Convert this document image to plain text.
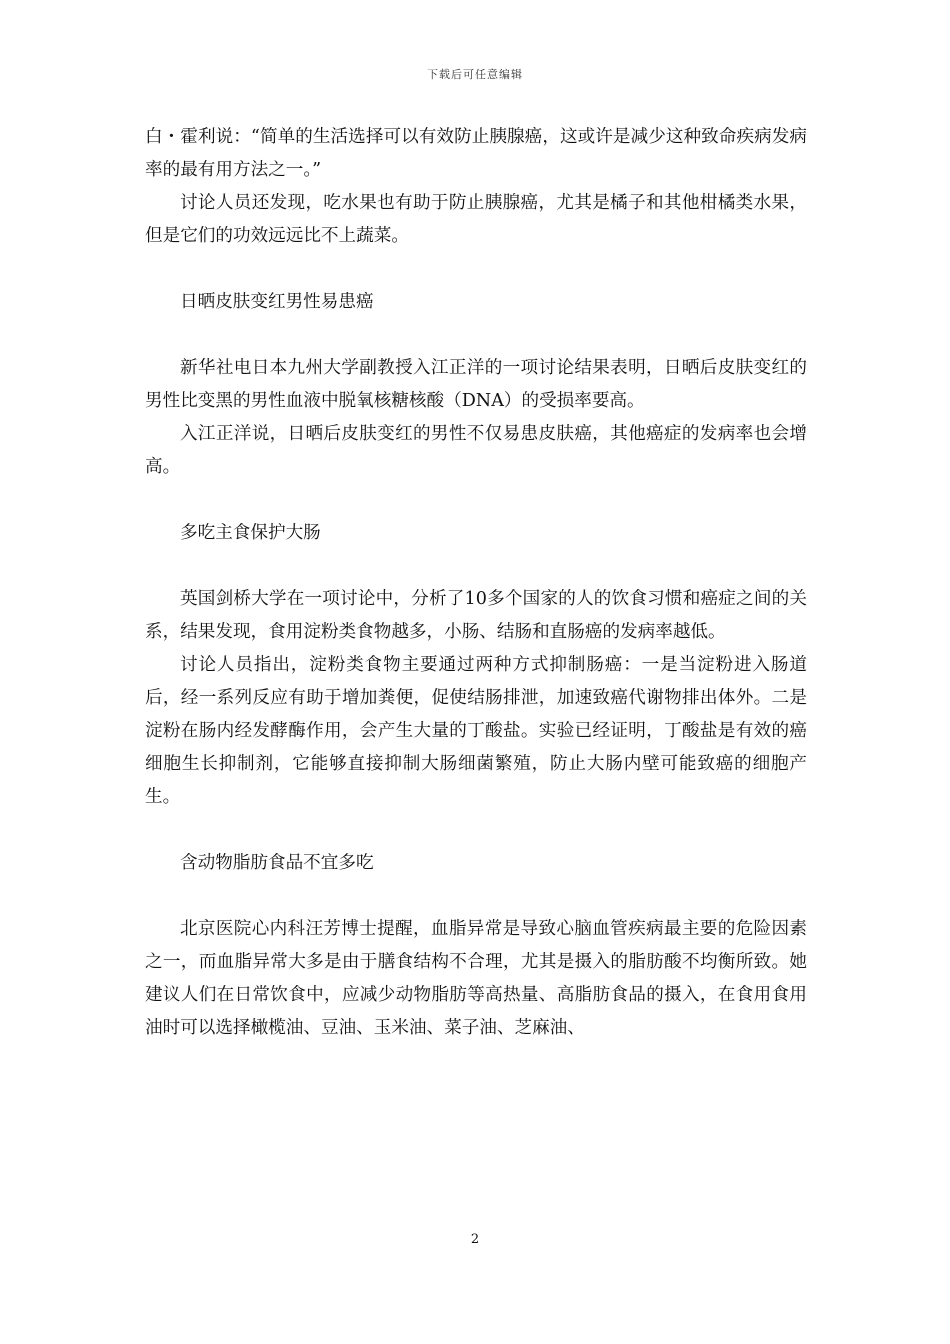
下载后可任意编辑

白・霍利说：“简单的生活选择可以有效防止胰腺癌，这或许是减少这种致命疾病发病率的最有用方法之一。”

讨论人员还发现，吃水果也有助于防止胰腺癌，尤其是橘子和其他柑橘类水果，但是它们的功效远远比不上蔬菜。

日晒皮肤变红男性易患癌

新华社电日本九州大学副教授入江正洋的一项讨论结果表明，日晒后皮肤变红的男性比变黑的男性血液中脱氧核糖核酸（DNA）的受损率要高。

入江正洋说，日晒后皮肤变红的男性不仅易患皮肤癌，其他癌症的发病率也会增高。

多吃主食保护大肠

英国剑桥大学在一项讨论中，分析了10多个国家的人的饮食习惯和癌症之间的关系，结果发现，食用淀粉类食物越多，小肠、结肠和直肠癌的发病率越低。

讨论人员指出，淀粉类食物主要通过两种方式抑制肠癌：一是当淀粉进入肠道后，经一系列反应有助于增加粪便，促使结肠排泄，加速致癌代谢物排出体外。二是淀粉在肠内经发酵酶作用，会产生大量的丁酸盐。实验已经证明，丁酸盐是有效的癌细胞生长抑制剂，它能够直接抑制大肠细菌繁殖，防止大肠内壁可能致癌的细胞产生。

含动物脂肪食品不宜多吃

北京医院心内科汪芳博士提醒，血脂异常是导致心脑血管疾病最主要的危险因素之一，而血脂异常大多是由于膳食结构不合理，尤其是摄入的脂肪酸不均衡所致。她建议人们在日常饮食中，应减少动物脂肪等高热量、高脂肪食品的摄入，在食用食用油时可以选择橄榄油、豆油、玉米油、菜子油、芝麻油、

2
